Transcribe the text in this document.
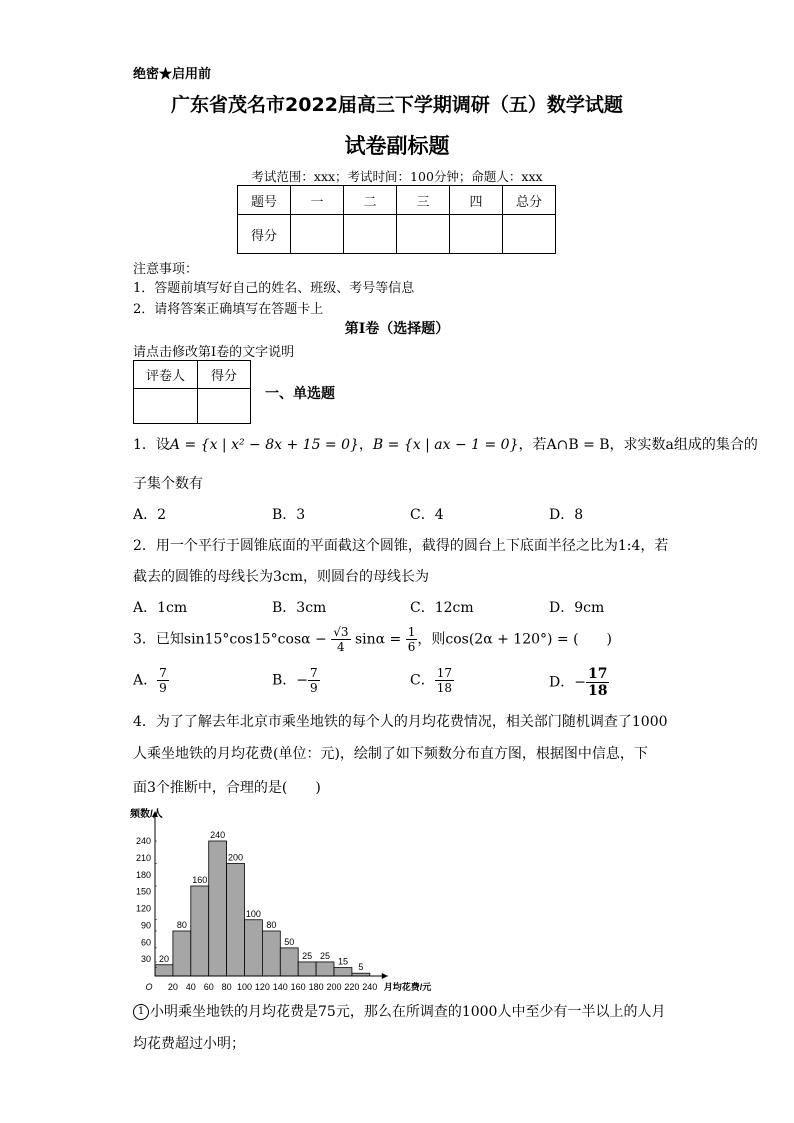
绝密★启用前
广东省茂名市2022届高三下学期调研（五）数学试题
试卷副标题
考试范围：xxx；考试时间：100分钟；命题人：xxx
题号	一	二	三	四	总分
得分					
注意事项：
1．答题前填写好自己的姓名、班级、考号等信息
2．请将答案正确填写在答题卡上
第I卷（选择题）
请点击修改第I卷的文字说明
评卷人	得分

一、单选题
1．设A = {x | x² − 8x + 15 = 0}，B = {x | ax − 1 = 0}，若A∩B = B，求实数a组成的集合的
子集个数有
A．2	B．3	C．4	D．8
2．用一个平行于圆锥底面的平面截这个圆锥，截得的圆台上下底面半径之比为1:4，若
截去的圆锥的母线长为3cm，则圆台的母线长为
A．1cm	B．3cm	C．12cm	D．9cm
3．已知$\sin 15^\circ\cos 15^\circ\cos\alpha - \frac{√3}{4}$ $\sin\alpha = \frac{1}{6}$ ，则cos(2α + 120°) = (　　)
A． $\frac{7}{9}$	B．− $\frac{7}{9}$	C． $\frac{17}{18}$	D．− $\frac{17}{18}$
4．为了了解去年北京市乘坐地铁的每个人的月均花费情况，相关部门随机调查了1000
人乘坐地铁的月均花费(单位：元)，绘制了如下频数分布直方图，根据图中信息，下
面3个推断中，合理的是(　　)
20
80
160
240
200
100
80
50
25 25
15
5
30
60
90
120
150
180
210
240
20 40 60 80 100 120 140 160 180 200 220 240
O
频数/人
月均花费/元
1 小明乘坐地铁的月均花费是75元，那么在所调查的1000人中至少有一半以上的人月
均花费超过小明；
